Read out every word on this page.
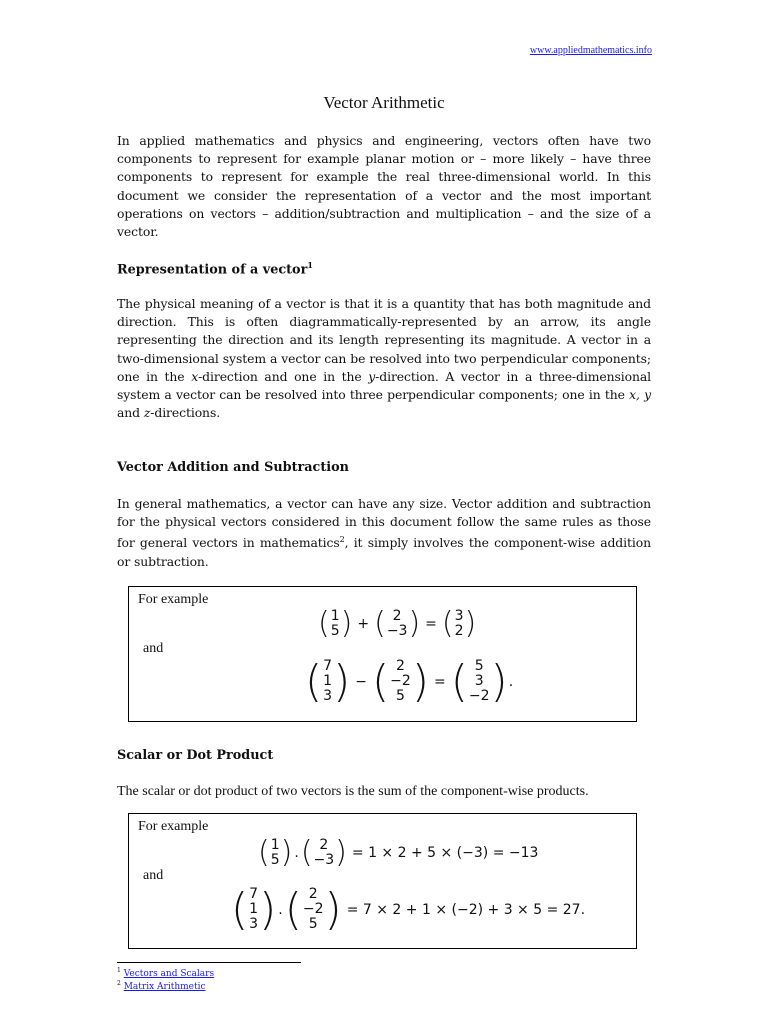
www.appliedmathematics.info
Vector Arithmetic
In applied mathematics and physics and engineering, vectors often have two components to represent for example planar motion or – more likely – have three components to represent for example the real three-dimensional world. In this document we consider the representation of a vector and the most important operations on vectors – addition/subtraction and multiplication – and the size of a vector.
Representation of a vector$^1$
The physical meaning of a vector is that it is a quantity that has both magnitude and direction. This is often diagrammatically-represented by an arrow, its angle representing the direction and its length representing its magnitude. A vector in a two-dimensional system a vector can be resolved into two perpendicular components; one in the x-direction and one in the y-direction. A vector in a three-dimensional system a vector can be resolved into three perpendicular components; one in the x, y and z-directions.
Vector Addition and Subtraction
In general mathematics, a vector can have any size. Vector addition and subtraction for the physical vectors considered in this document follow the same rules as those for general vectors in mathematics$^2$, it simply involves the component-wise addition or subtraction.
For example
and
( 1
5 ) + ( 2
−3 ) = ( 3
2 )
( 7
1
3 ) − ( 2
−2
5 ) = ( 5
3
−2 ) .
Scalar or Dot Product
The scalar or dot product of two vectors is the sum of the component-wise products.
For example
and
( 1
5 ) . ( 2
−3 ) = 1 × 2 + 5 × (−3) = −13
( 7
1
3 ) . ( 2
−2
5 ) = 7 × 2 + 1 × (−2) + 3 × 5 = 27.
$^1$ Vectors and Scalars
$^2$ Matrix Arithmetic
